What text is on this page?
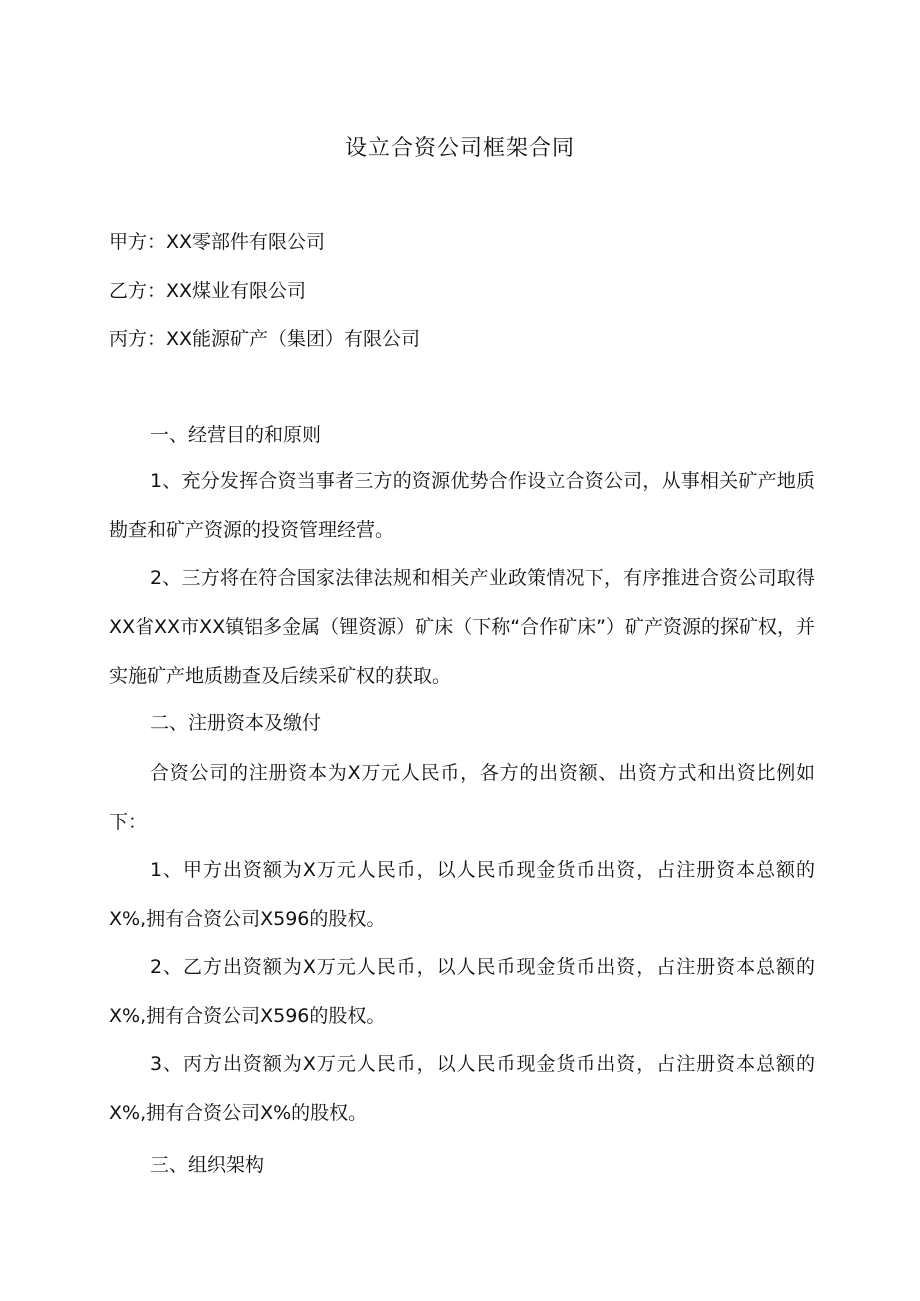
设立合资公司框架合同
甲方：XX零部件有限公司
乙方：XX煤业有限公司
丙方：XX能源矿产（集团）有限公司
一、经营目的和原则
1、充分发挥合资当事者三方的资源优势合作设立合资公司，从事相关矿产地质勘查和矿产资源的投资管理经营。
2、三方将在符合国家法律法规和相关产业政策情况下，有序推进合资公司取得XX省XX市XX镇铝多金属（锂资源）矿床（下称“合作矿床”）矿产资源的探矿权，并实施矿产地质勘查及后续采矿权的获取。
二、注册资本及缴付
合资公司的注册资本为X万元人民币，各方的出资额、出资方式和出资比例如下：
1、甲方出资额为X万元人民币，以人民币现金货币出资，占注册资本总额的X%,拥有合资公司X596的股权。
2、乙方出资额为X万元人民币，以人民币现金货币出资，占注册资本总额的X%,拥有合资公司X596的股权。
3、丙方出资额为X万元人民币，以人民币现金货币出资，占注册资本总额的X%,拥有合资公司X%的股权。
三、组织架构
